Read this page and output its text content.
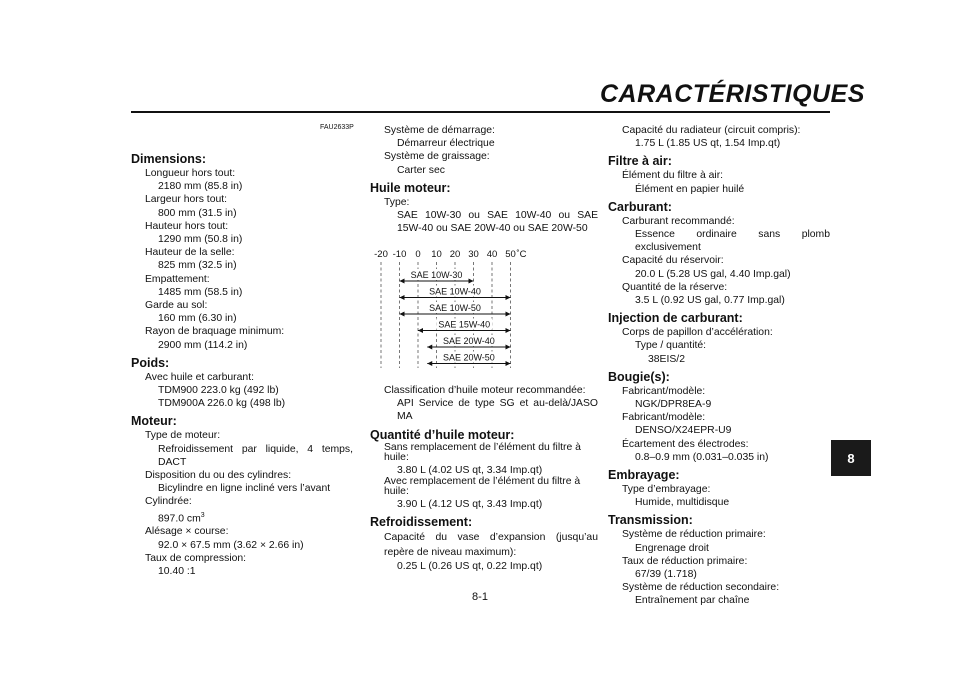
CARACTÉRISTIQUES
8
FAU2633P
Dimensions:
Longueur hors tout:
2180 mm (85.8 in)
Largeur hors tout:
800 mm (31.5 in)
Hauteur hors tout:
1290 mm (50.8 in)
Hauteur de la selle:
825 mm (32.5 in)
Empattement:
1485 mm (58.5 in)
Garde au sol:
160 mm (6.30 in)
Rayon de braquage minimum:
2900 mm (114.2 in)
Poids:
Avec huile et carburant:
TDM900 223.0 kg (492 lb)
TDM900A 226.0 kg (498 lb)
Moteur:
Type de moteur:
Refroidissement par liquide, 4 temps, DACT
Disposition du ou des cylindres:
Bicylindre en ligne incliné vers l’avant
Cylindrée:
897.0 $cm^3$
Alésage × course:
92.0 × 67.5 mm (3.62 × 2.66 in)
Taux de compression:
10.40 :1
Système de démarrage:
Démarreur électrique
Système de graissage:
Carter sec
Huile moteur:
Type:
SAE 10W-30 ou SAE 10W-40 ou SAE 15W-40 ou SAE 20W-40 ou SAE 20W-50
-20 -10 0 10 20 30 40 50 ˚C
SAE 10W-30
SAE 10W-40
SAE 10W-50
SAE 15W-40
SAE 20W-40
SAE 20W-50
Classification d’huile moteur recommandée:
API Service de type SG et au-delà/JASO MA
Quantité d’huile moteur:
Sans remplacement de l’élément du filtre à huile:
3.80 L (4.02 US qt, 3.34 Imp.qt)
Avec remplacement de l’élément du filtre à huile:
3.90 L (4.12 US qt, 3.43 Imp.qt)
Refroidissement:
Capacité du vase d’expansion (jusqu’au repère de niveau maximum):
0.25 L (0.26 US qt, 0.22 Imp.qt)
Capacité du radiateur (circuit compris):
1.75 L (1.85 US qt, 1.54 Imp.qt)
Filtre à air:
Élément du filtre à air:
Élément en papier huilé
Carburant:
Carburant recommandé:
Essence ordinaire sans plomb exclusivement
Capacité du réservoir:
20.0 L (5.28 US gal, 4.40 Imp.gal)
Quantité de la réserve:
3.5 L (0.92 US gal, 0.77 Imp.gal)
Injection de carburant:
Corps de papillon d’accélération:
Type / quantité:
38EIS/2
Bougie(s):
Fabricant/modèle:
NGK/DPR8EA-9
Fabricant/modèle:
DENSO/X24EPR-U9
Écartement des électrodes:
0.8–0.9 mm (0.031–0.035 in)
Embrayage:
Type d’embrayage:
Humide, multidisque
Transmission:
Système de réduction primaire:
Engrenage droit
Taux de réduction primaire:
67/39 (1.718)
Système de réduction secondaire:
Entraînement par chaîne
8-1
